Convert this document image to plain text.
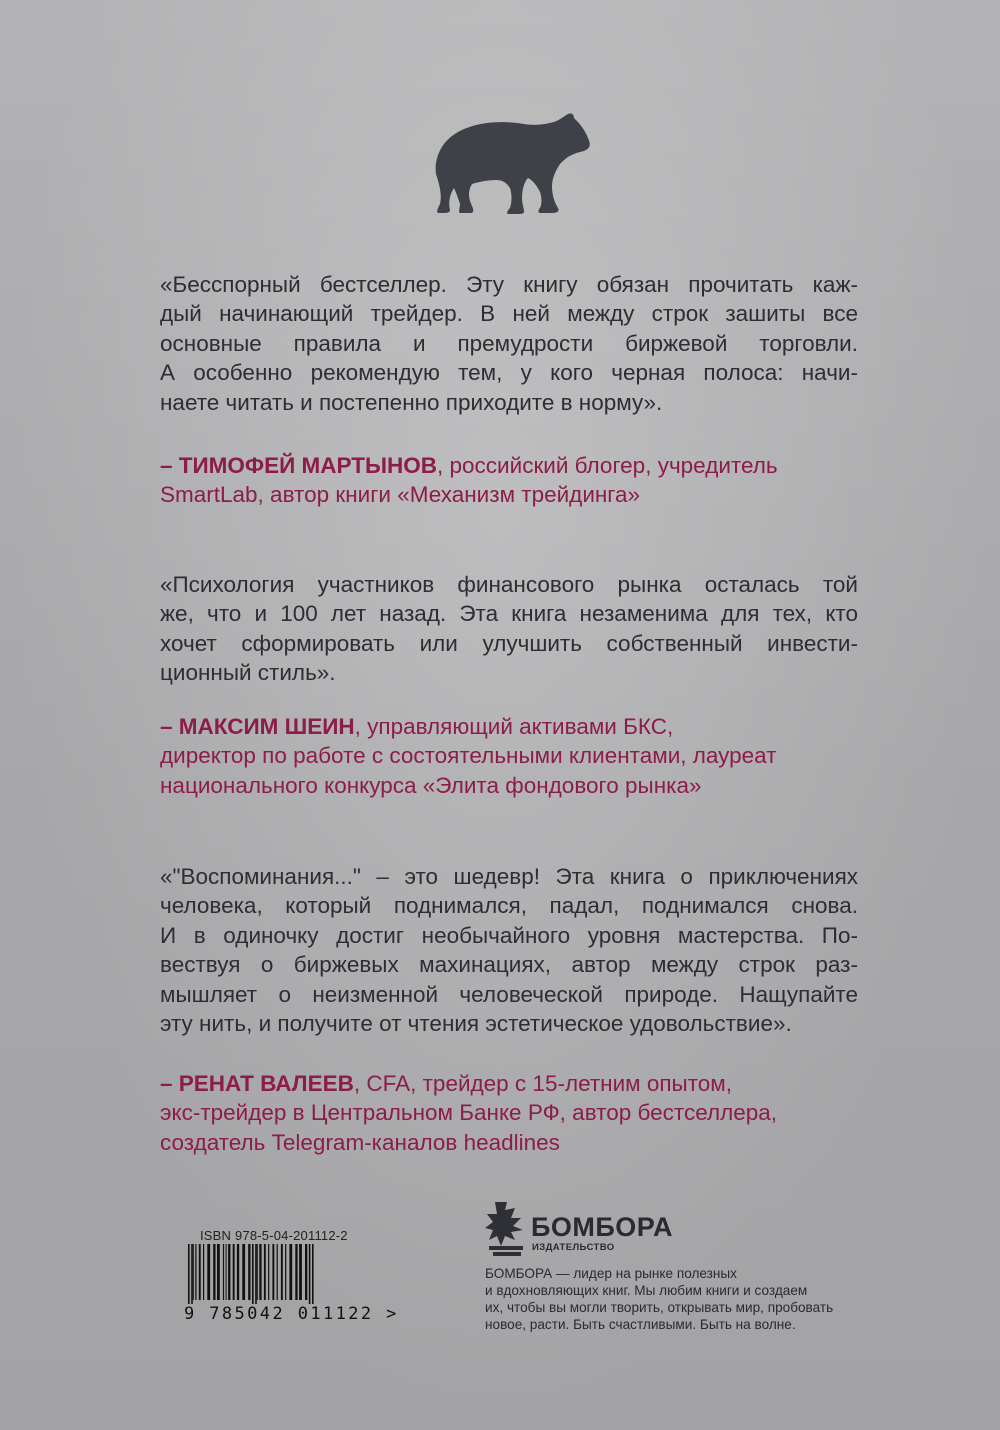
«Бесспорный бестселлер. Эту книгу обязан прочитать каж-
дый начинающий трейдер. В ней между строк зашиты все
основные правила и премудрости биржевой торговли.
А особенно рекомендую тем, у кого черная полоса: начи-
наете читать и постепенно приходите в норму».
– ТИМОФЕЙ МАРТЫНОВ, российский блогер, учредитель
SmartLab, автор книги «Механизм трейдинга»
«Психология участников финансового рынка осталась той
же, что и 100 лет назад. Эта книга незаменима для тех, кто
хочет сформировать или улучшить собственный инвести-
ционный стиль».
– МАКСИМ ШЕИН, управляющий активами БКС,
директор по работе с состоятельными клиентами, лауреат
национального конкурса «Элита фондового рынка»
«"Воспоминания..." – это шедевр! Эта книга о приключениях
человека, который поднимался, падал, поднимался снова.
И в одиночку достиг необычайного уровня мастерства. По-
вествуя о биржевых махинациях, автор между строк раз-
мышляет о неизменной человеческой природе. Нащупайте
эту нить, и получите от чтения эстетическое удовольствие».
– РЕНАТ ВАЛЕЕВ, CFA, трейдер с 15-летним опытом,
экс-трейдер в Центральном Банке РФ, автор бестселлера,
создатель Telegram-каналов headlines
ISBN 978-5-04-201112-2
9 785042 011122 >
БОМБОРА
ИЗДАТЕЛЬСТВО
БОМБОРА — лидер на рынке полезных
и вдохновляющих книг. Мы любим книги и создаем
их, чтобы вы могли творить, открывать мир, пробовать
новое, расти. Быть счастливыми. Быть на волне.
